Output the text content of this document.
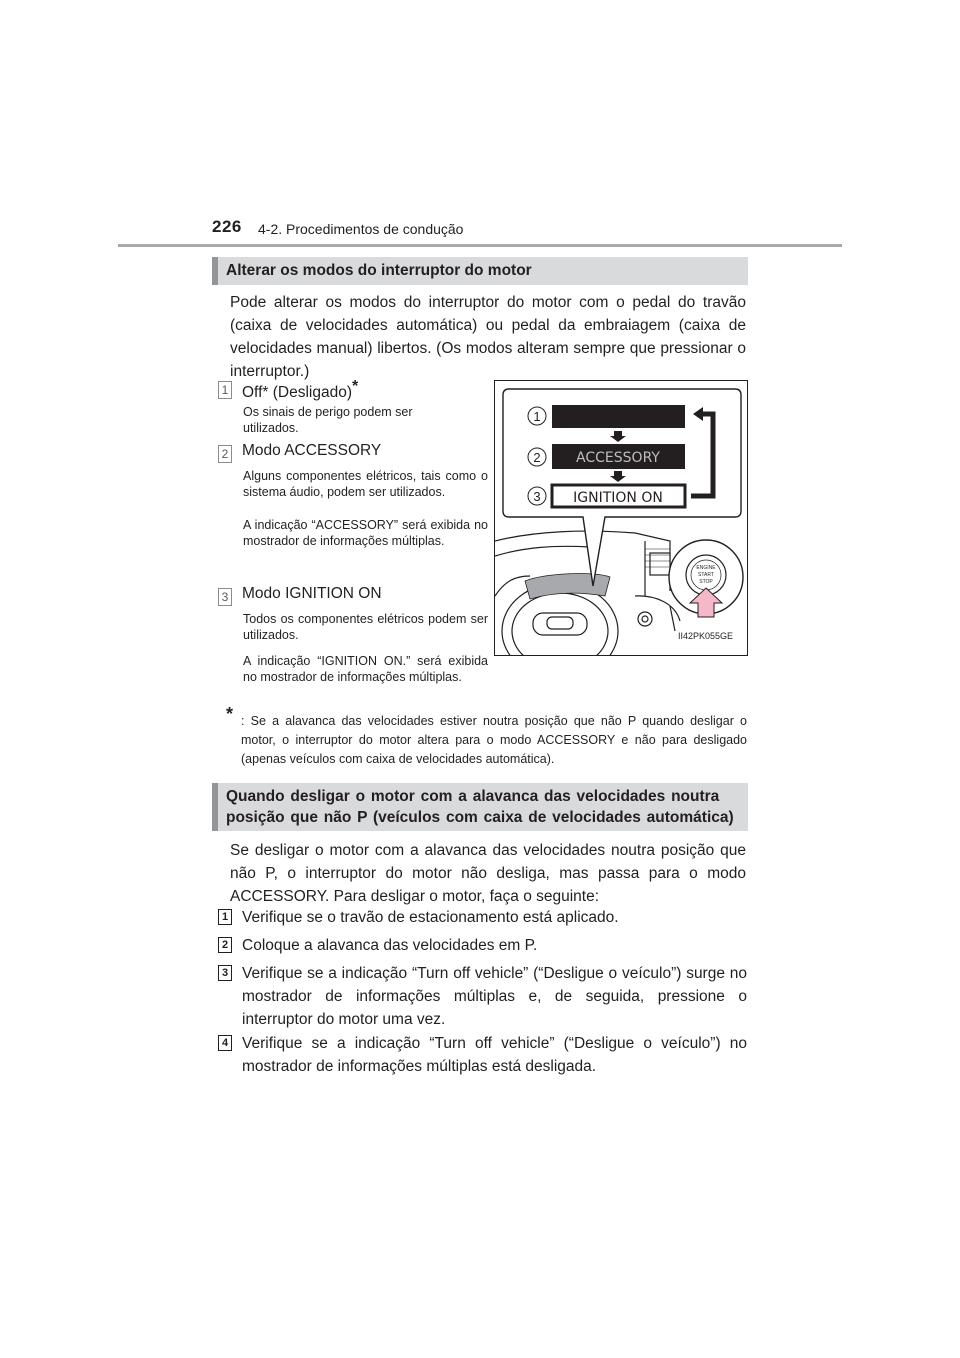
226 4-2. Procedimentos de condução
Alterar os modos do interruptor do motor
Pode alterar os modos do interruptor do motor com o pedal do travão (caixa de velocidades automática) ou pedal da embraiagem (caixa de velocidades manual) libertos. (Os modos alteram sempre que pressionar o interruptor.)
1 Off* (Desligado)*
Os sinais de perigo podem ser utilizados.
2 Modo ACCESSORY
Alguns componentes elétricos, tais como o sistema áudio, podem ser utilizados.
A indicação “ACCESSORY” será exibida no mostrador de informações múltiplas.
3 Modo IGNITION ON
Todos os componentes elétricos podem ser utilizados.
A indicação “IGNITION ON.” será exibida no mostrador de informações múltiplas.
ACCESSORY
IGNITION ON
1
2
3
ENGINE
START
STOP
II42PK055GE
* : Se a alavanca das velocidades estiver noutra posição que não P quando desligar o motor, o interruptor do motor altera para o modo ACCESSORY e não para desligado (apenas veículos com caixa de velocidades automática).
Quando desligar o motor com a alavanca das velocidades noutra posição que não P (veículos com caixa de velocidades automática)
Se desligar o motor com a alavanca das velocidades noutra posição que não P, o interruptor do motor não desliga, mas passa para o modo ACCESSORY. Para desligar o motor, faça o seguinte:
1 Verifique se o travão de estacionamento está aplicado.
2 Coloque a alavanca das velocidades em P.
3 Verifique se a indicação “Turn off vehicle” (“Desligue o veículo”) surge no mostrador de informações múltiplas e, de seguida, pressione o interruptor do motor uma vez.
4 Verifique se a indicação “Turn off vehicle” (“Desligue o veículo”) no mostrador de informações múltiplas está desligada.
